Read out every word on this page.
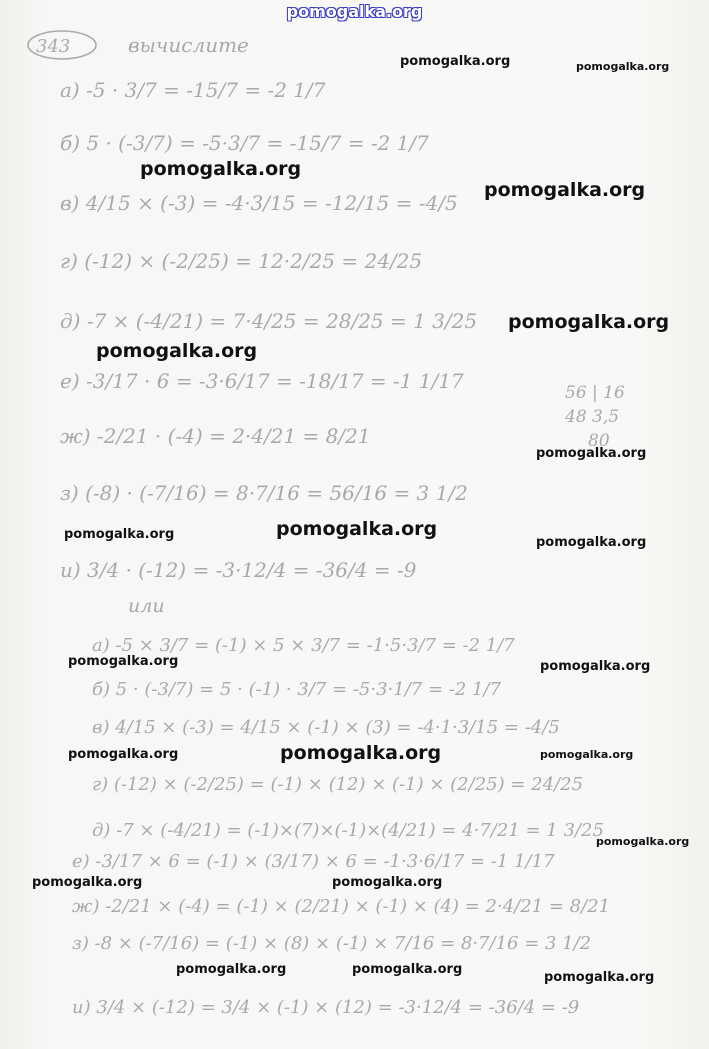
343	вычислите
а) -5 · 3/7 = -15/7 = -2 1/7
б) 5 · (-3/7) = -5·3/7 = -15/7 = -2 1/7
в) 4/15 × (-3) = -4·3/15 = -12/15 = -4/5
г) (-12) × (-2/25) = 12·2/25 = 24/25
д) -7 × (-4/21) = 7·4/25 = 28/25 = 1 3/25
е) -3/17 · 6 = -3·6/17 = -18/17 = -1 1/17
ж) -2/21 · (-4) = 2·4/21 = 8/21
з) (-8) · (-7/16) = 8·7/16 = 56/16 = 3 1/2
и) 3/4 · (-12) = -3·12/4 = -36/4 = -9
56 | 16
48 3,5
80
или
а) -5 × 3/7 = (-1) × 5 × 3/7 = -1·5·3/7 = -2 1/7
б) 5 · (-3/7) = 5 · (-1) · 3/7 = -5·3·1/7 = -2 1/7
в) 4/15 × (-3) = 4/15 × (-1) × (3) = -4·1·3/15 = -4/5
г) (-12) × (-2/25) = (-1) × (12) × (-1) × (2/25) = 24/25
д) -7 × (-4/21) = (-1)×(7)×(-1)×(4/21) = 4·7/21 = 1 3/25
е) -3/17 × 6 = (-1) × (3/17) × 6 = -1·3·6/17 = -1 1/17
ж) -2/21 × (-4) = (-1) × (2/21) × (-1) × (4) = 2·4/21 = 8/21
з) -8 × (-7/16) = (-1) × (8) × (-1) × 7/16 = 8·7/16 = 3 1/2
и) 3/4 × (-12) = 3/4 × (-1) × (12) = -3·12/4 = -36/4 = -9
pomogalka.org
pomogalka.org	pomogalka.org
pomogalka.org
pomogalka.org
pomogalka.org
pomogalka.org
pomogalka.org
pomogalka.org
pomogalka.org
pomogalka.org
pomogalka.org	pomogalka.org
pomogalka.org	pomogalka.org	pomogalka.org
pomogalka.org
pomogalka.org	pomogalka.org
pomogalka.org	pomogalka.org
pomogalka.org
